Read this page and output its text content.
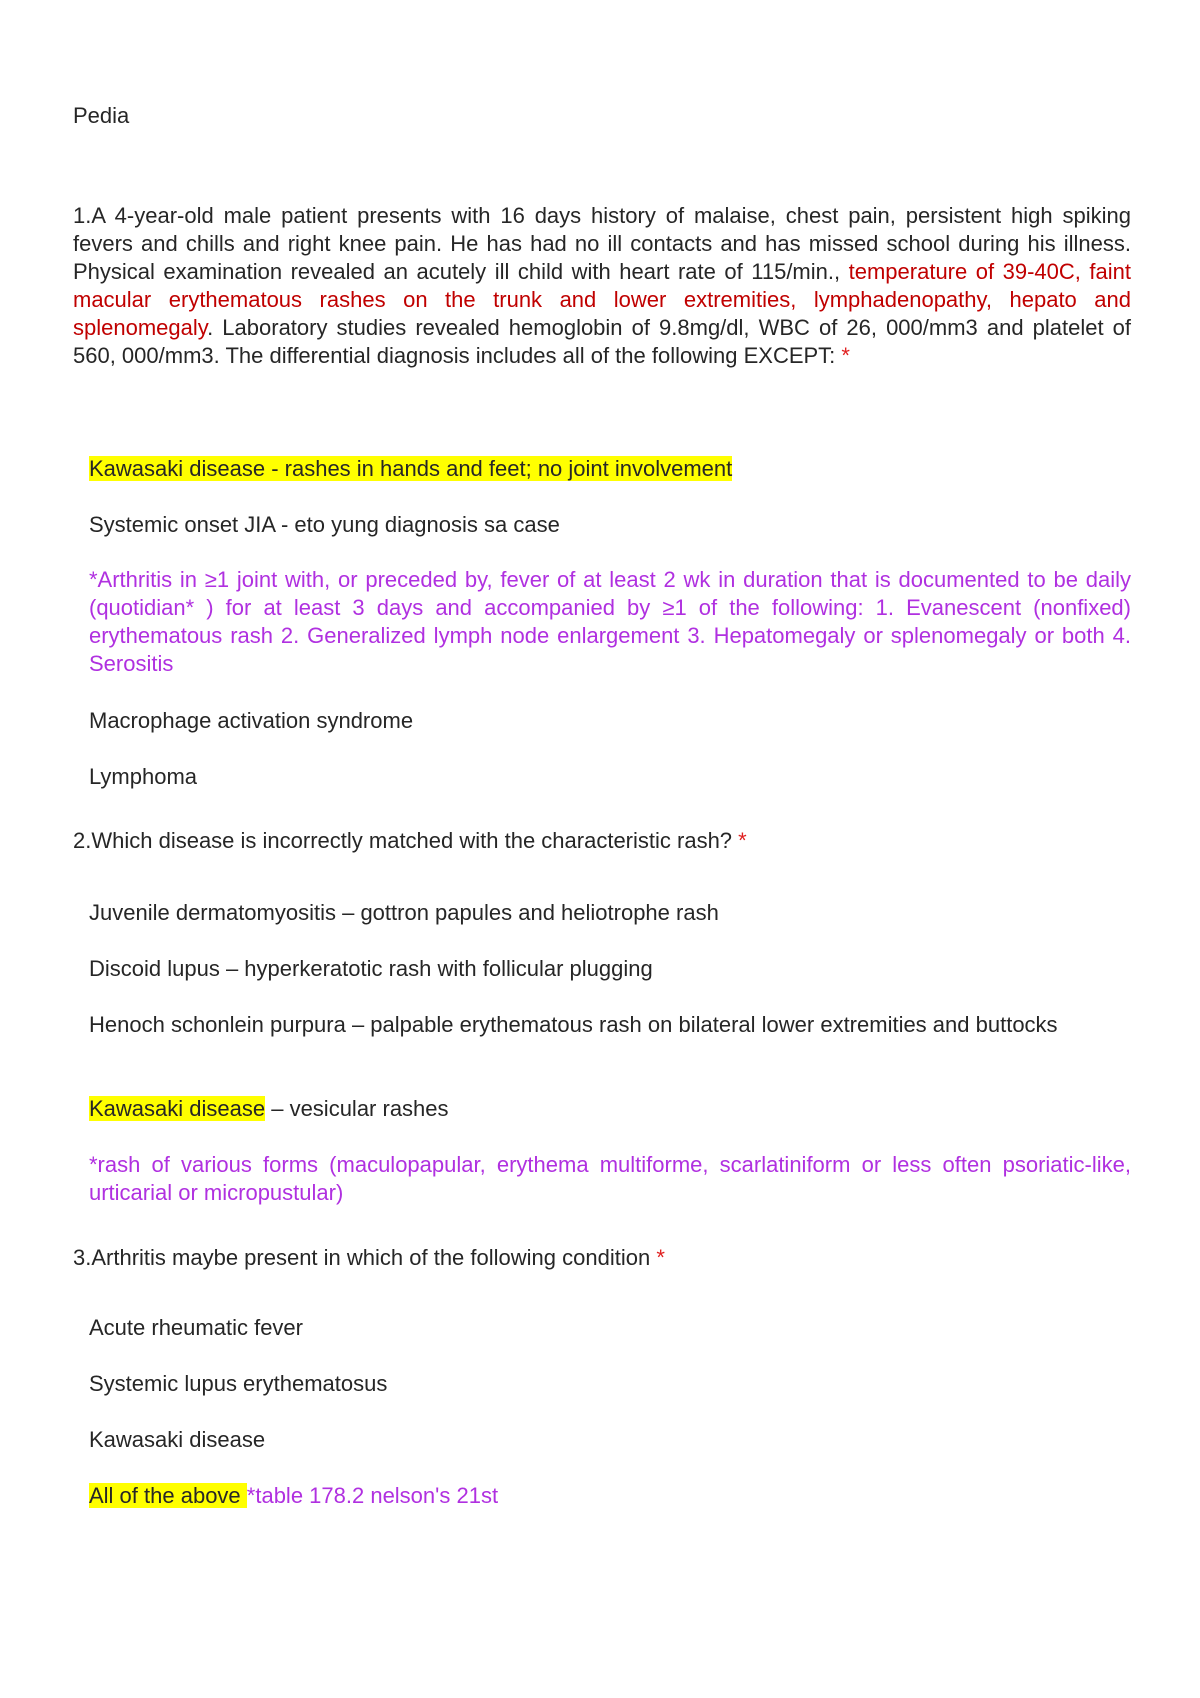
Pedia
1.A 4-year-old male patient presents with 16 days history of malaise, chest pain, persistent high spiking fevers and chills and right knee pain. He has had no ill contacts and has missed school during his illness. Physical examination revealed an acutely ill child with heart rate of 115/min., temperature of 39-40C, faint macular erythematous rashes on the trunk and lower extremities, lymphadenopathy, hepato and splenomegaly. Laboratory studies revealed hemoglobin of 9.8mg/dl, WBC of 26, 000/mm3 and platelet of 560, 000/mm3. The differential diagnosis includes all of the following EXCEPT: *
Kawasaki disease - rashes in hands and feet; no joint involvement
Systemic onset JIA - eto yung diagnosis sa case
*Arthritis in ≥1 joint with, or preceded by, fever of at least 2 wk in duration that is documented to be daily (quotidian* ) for at least 3 days and accompanied by ≥1 of the following: 1. Evanescent (nonfixed) erythematous rash 2. Generalized lymph node enlargement 3. Hepatomegaly or splenomegaly or both 4. Serositis
Macrophage activation syndrome
Lymphoma
2.Which disease is incorrectly matched with the characteristic rash? *
Juvenile dermatomyositis – gottron papules and heliotrophe rash
Discoid lupus – hyperkeratotic rash with follicular plugging
Henoch schonlein purpura – palpable erythematous rash on bilateral lower extremities and buttocks
Kawasaki disease – vesicular rashes
*rash of various forms (maculopapular, erythema multiforme, scarlatiniform or less often psoriatic-like, urticarial or micropustular)
3.Arthritis maybe present in which of the following condition *
Acute rheumatic fever
Systemic lupus erythematosus
Kawasaki disease
All of the above *table 178.2 nelson's 21st
